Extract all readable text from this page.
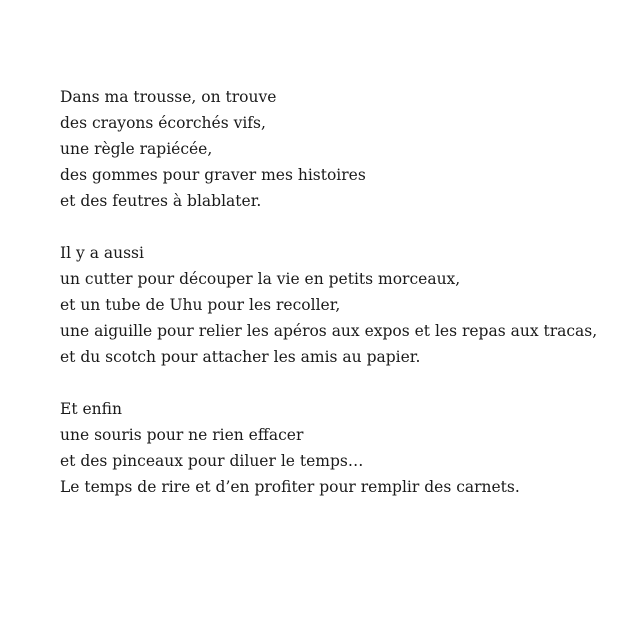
Dans ma trousse, on trouve
des crayons écorchés vifs,
une règle rapiécée,
des gommes pour graver mes histoires
et des feutres à blablater.
Il y a aussi
un cutter pour découper la vie en petits morceaux,
et un tube de Uhu pour les recoller,
une aiguille pour relier les apéros aux expos et les repas aux tracas,
et du scotch pour attacher les amis au papier.
Et enfin
une souris pour ne rien effacer
et des pinceaux pour diluer le temps…
Le temps de rire et d’en profiter pour remplir des carnets.
